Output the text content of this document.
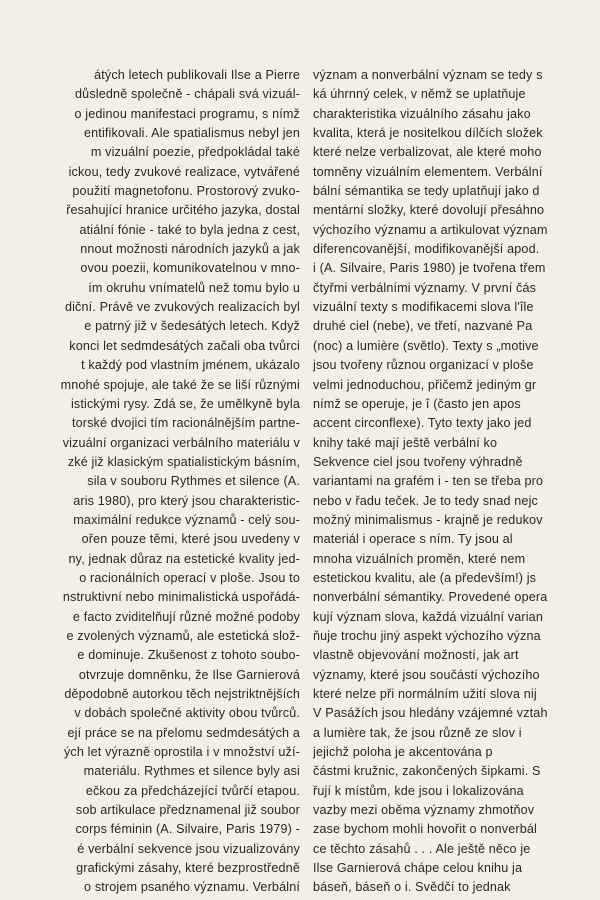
átých letech publikovali Ilse a Pierre
důsledně společně - chápali svá vizuál-
o jedinou manifestaci programu, s nímž
entifikovali. Ale spatialismus nebyl jen
m vizuální poezie, předpokládal také
ickou, tedy zvukové realizace, vytvářené
použití magnetofonu. Prostorový zvuko-
řesahující hranice určitého jazyka, dostal
atiální fónie - také to byla jedna z cest,
nnout možnosti národních jazyků a jak
ovou poezii, komunikovatelnou v mno-
ím okruhu vnímatelů než tomu bylo u
diční. Právě ve zvukových realizacích byl
e patrný již v šedesátých letech. Když
konci let sedmdesátých začali oba tvůrci
t každý pod vlastním jménem, ukázalo
mnohé spojuje, ale také že se liší různými
istickými rysy. Zdá se, že umělkyně byla
torské dvojici tím racionálnějším partne-
vizuální organizaci verbálního materiálu v
zké již klasickým spatialistickým básním,
sila v souboru Rythmes et silence (A.
aris 1980), pro který jsou charakteristic-
maximální redukce významů - celý sou-
ořen pouze těmi, které jsou uvedeny v
ny, jednak důraz na estetické kvality jed-
o racionálních operací v ploše. Jsou to
nstruktivní nebo minimalistická uspořádá-
e facto zviditelňují různé možné podoby
e zvolených významů, ale estetická slož-
e dominuje. Zkušenost z tohoto soubo-
otvrzuje domněnku, že Ilse Garnierová
děpodobně autorkou těch nejstriktnějších
v dobách společné aktivity obou tvůrců.
ejí práce se na přelomu sedmdesátých a
ých let výrazně oprostila i v množství uží-
materiálu. Rythmes et silence byly asi
ečkou za předcházející tvůrčí etapou.
sob artikulace předznamenal již soubor
corps féminin (A. Silvaire, Paris 1979) -
é verbální sekvence jsou vizualizovány
grafickými zásahy, které bezprostředně
o strojem psaného významu. Verbální
význam a nonverbální význam se tedy s
ká úhrnný celek, v němž se uplatňuje
charakteristika vizuálního zásahu jako
kvalita, která je nositelkou dílčích složek
které nelze verbalizovat, ale které moho
tomněny vizuálním elementem. Verbální
bální sémantika se tedy uplatňují jako d
mentární složky, které dovolují přesáhno
výchozího významu a artikulovat význam
diferencovanější, modifikovanější apod.
i (A. Silvaire, Paris 1980) je tvořena třem
čtyřmi verbálními významy. V první čás
vizuální texty s modifikacemi slova l'île
druhé ciel (nebe), ve třetí, nazvané Pa
(noc) a lumière (světlo). Texty s „motive
jsou tvořeny různou organizací v ploše
velmi jednoduchou, přičemž jediným gr
nímž se operuje, je î (často jen apos
accent circonflexe). Tyto texty jako jed
knihy také mají ještě verbální ko
Sekvence ciel jsou tvořeny výhradně
variantami na grafém i - ten se třeba pro
nebo v řadu teček. Je to tedy snad nejc
možný minimalismus - krajně je redukov
materiál i operace s ním. Ty jsou al
mnoha vizuálních proměn, které nem
estetickou kvalitu, ale (a především!) js
nonverbální sémantiky. Provedené opera
kují význam slova, každá vizuální varian
ňuje trochu jiný aspekt výchozího význa
vlastně objevování možností, jak art
významy, které jsou součástí výchozího
které nelze při normálním užití slova nij
V Pasážích jsou hledány vzájemné vztah
a lumière tak, že jsou různě ze slov i
jejichž poloha je akcentována p
částmi kružnic, zakončených šipkami. S
řují k místům, kde jsou i lokalizována
vazby mezi oběma významy zhmotňov
zase bychom mohli hovořit o nonverbál
ce těchto zásahů . . . Ale ještě něco je
Ilse Garnierová chápe celou knihu ja
báseň, báseň o i. Svědčí to jednak
